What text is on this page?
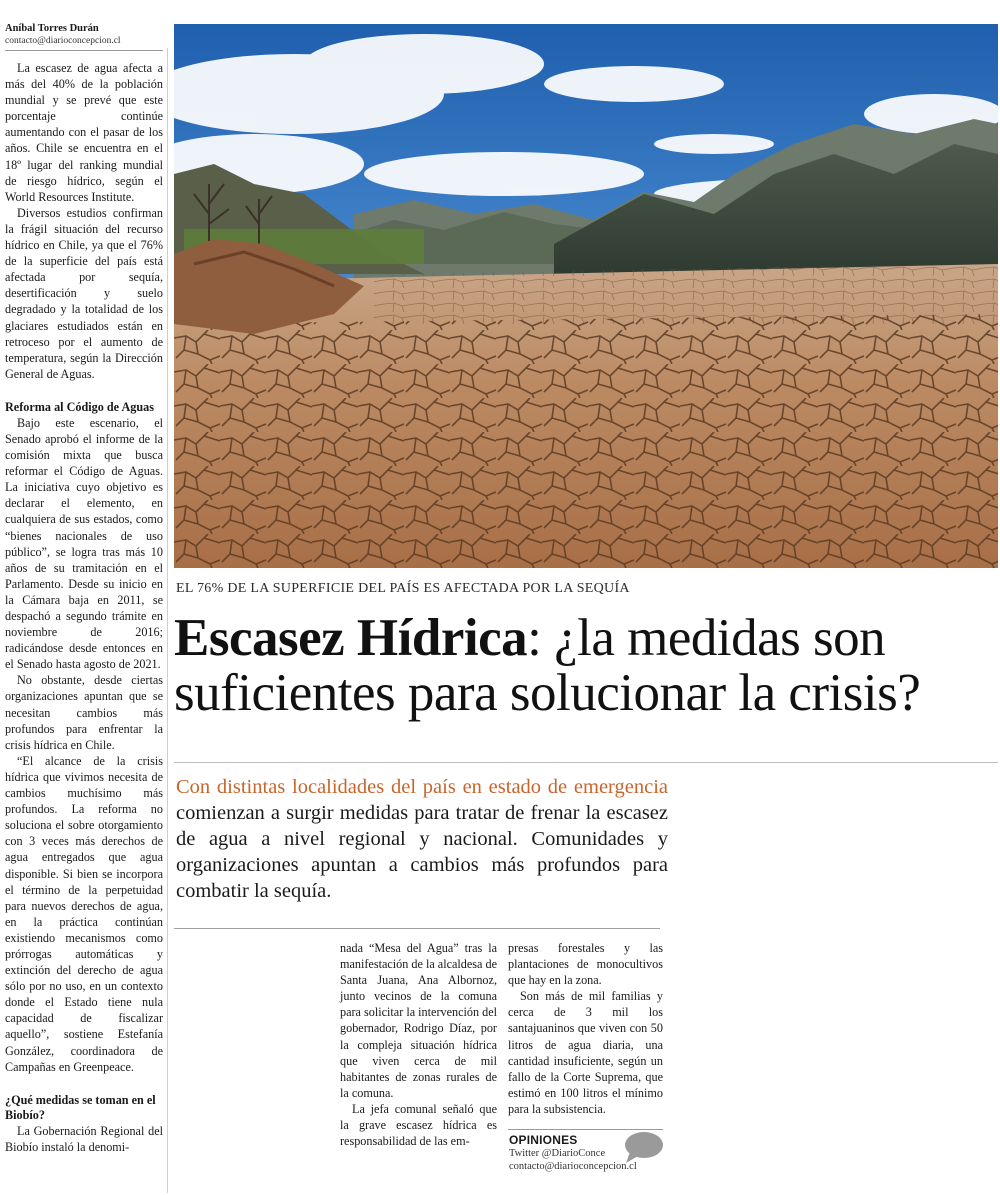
Aníbal Torres Durán
contacto@diarioconcepcion.cl

La escasez de agua afecta a más del 40% de la población mundial y se prevé que este porcentaje continúe aumentando con el pasar de los años. Chile se encuentra en el 18º lugar del ranking mundial de riesgo hídrico, según el World Resources Institute.

Diversos estudios confirman la frágil situación del recurso hídrico en Chile, ya que el 76% de la superficie del país está afectada por sequía, desertificación y suelo degradado y la totalidad de los glaciares estudiados están en retroceso por el aumento de temperatura, según la Dirección General de Aguas.

Reforma al Código de Aguas

Bajo este escenario, el Senado aprobó el informe de la comisión mixta que busca reformar el Código de Aguas. La iniciativa cuyo objetivo es declarar el elemento, en cualquiera de sus estados, como “bienes nacionales de uso público”, se logra tras más 10 años de su tramitación en el Parlamento. Desde su inicio en la Cámara baja en 2011, se despachó a segundo trámite en noviembre de 2016; radicándose desde entonces en el Senado hasta agosto de 2021.

No obstante, desde ciertas organizaciones apuntan que se necesitan cambios más profundos para enfrentar la crisis hídrica en Chile.

“El alcance de la crisis hídrica que vivimos necesita de cambios muchísimo más profundos. La reforma no soluciona el sobre otorgamiento con 3 veces más derechos de agua entregados que agua disponible. Si bien se incorpora el término de la perpetuidad para nuevos derechos de agua, en la práctica continúan existiendo mecanismos como prórrogas automáticas y extinción del derecho de agua sólo por no uso, en un contexto donde el Estado tiene nula capacidad de fiscalizar aquello”, sostiene Estefanía González, coordinadora de Campañas en Greenpeace.

¿Qué medidas se toman en el Biobío?

La Gobernación Regional del Biobío instaló la denomi-

EL 76% DE LA SUPERFICIE DEL PAÍS ES AFECTADA POR LA SEQUÍA
Escasez Hídrica: ¿la medidas son suficientes para solucionar la crisis?

Con distintas localidades del país en estado de emergencia comienzan a surgir medidas para tratar de frenar la escasez de agua a nivel regional y nacional. Comunidades y organizaciones apuntan a cambios más profundos para combatir la sequía.

nada “Mesa del Agua” tras la manifestación de la alcaldesa de Santa Juana, Ana Albornoz, junto vecinos de la comuna para solicitar la intervención del gobernador, Rodrigo Díaz, por la compleja situación hídrica que viven cerca de mil habitantes de zonas rurales de la comuna.

La jefa comunal señaló que la grave escasez hídrica es responsabilidad de las em-

presas forestales y las plantaciones de monocultivos que hay en la zona.

Son más de mil familias y cerca de 3 mil los santajuaninos que viven con 50 litros de agua diaria, una cantidad insuficiente, según un fallo de la Corte Suprema, que estimó en 100 litros el mínimo para la subsistencia.

OPINIONES
Twitter @DiarioConce
contacto@diarioconcepcion.cl
